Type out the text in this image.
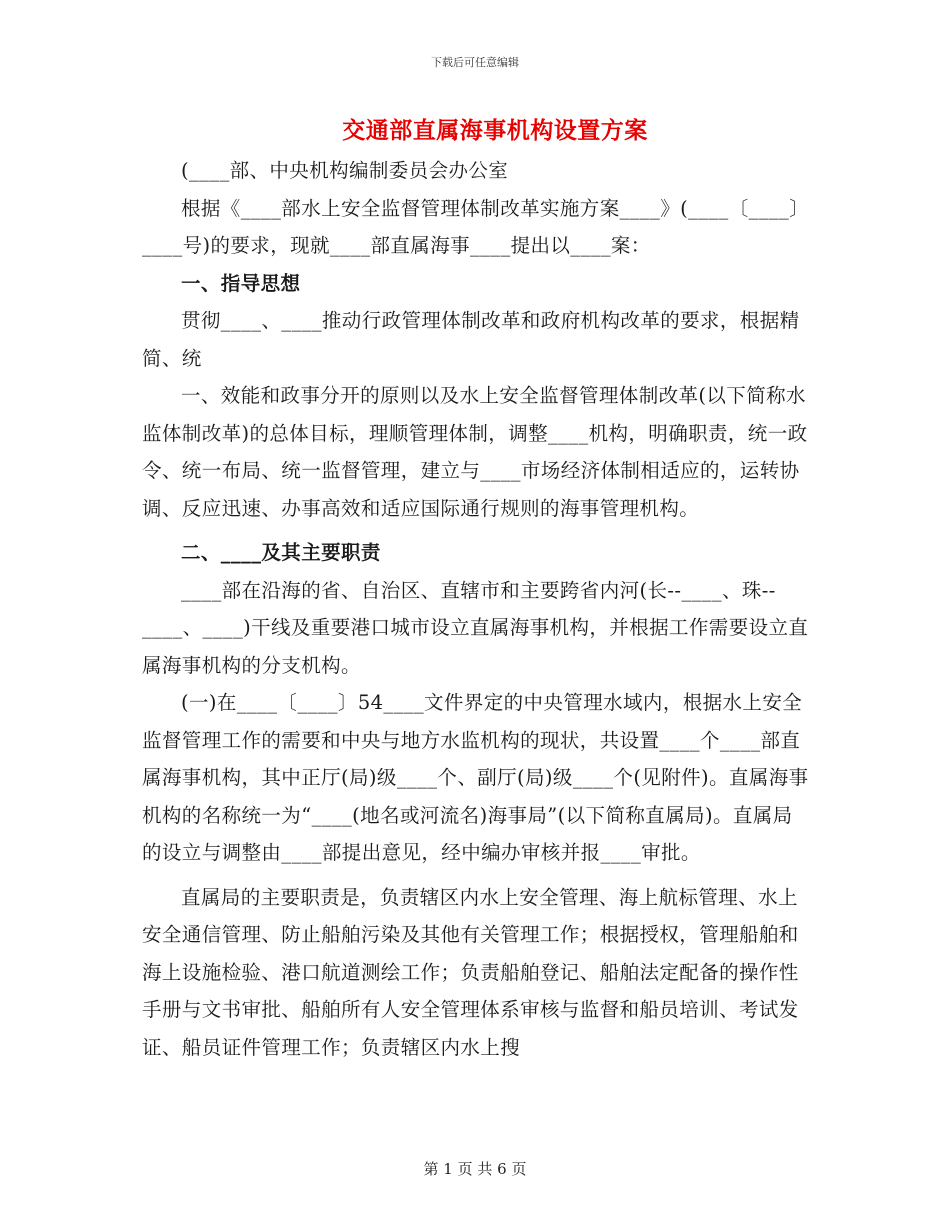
下载后可任意编辑
交通部直属海事机构设置方案

(____部、中央机构编制委员会办公室

根据《____部水上安全监督管理体制改革实施方案____》(____〔____〕____号)的要求，现就____部直属海事____提出以____案：

一、指导思想

贯彻____、____推动行政管理体制改革和政府机构改革的要求，根据精简、统

一、效能和政事分开的原则以及水上安全监督管理体制改革(以下简称水监体制改革)的总体目标，理顺管理体制，调整____机构，明确职责，统一政令、统一布局、统一监督管理，建立与____市场经济体制相适应的，运转协调、反应迅速、办事高效和适应国际通行规则的海事管理机构。

二、____及其主要职责

____部在沿海的省、自治区、直辖市和主要跨省内河(长--____、珠--____、____)干线及重要港口城市设立直属海事机构，并根据工作需要设立直属海事机构的分支机构。

(一)在____〔____〕54____文件界定的中央管理水域内，根据水上安全监督管理工作的需要和中央与地方水监机构的现状，共设置____个____部直属海事机构，其中正厅(局)级____个、副厅(局)级____个(见附件)。直属海事机构的名称统一为“____(地名或河流名)海事局”(以下简称直属局)。直属局的设立与调整由____部提出意见，经中编办审核并报____审批。

直属局的主要职责是，负责辖区内水上安全管理、海上航标管理、水上安全通信管理、防止船舶污染及其他有关管理工作；根据授权，管理船舶和海上设施检验、港口航道测绘工作；负责船舶登记、船舶法定配备的操作性手册与文书审批、船舶所有人安全管理体系审核与监督和船员培训、考试发证、船员证件管理工作；负责辖区内水上搜

第 1 页 共 6 页
